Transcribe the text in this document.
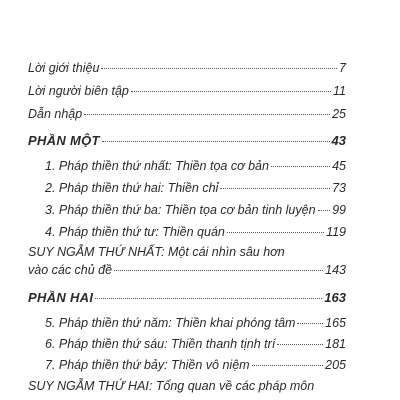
Lời giới thiệu	7
Lời người biên tập	11
Dẫn nhập	25
PHẦN MỘT	43
1. Pháp thiền thứ nhất: Thiền tọa cơ bản	45
2. Pháp thiền thứ hai: Thiền chỉ	73
3. Pháp thiền thứ ba: Thiền tọa cơ bản tinh luyện 99
4. Pháp thiền thứ tư: Thiền quán	119
SUY NGẪM THỨ NHẤT: Một cái nhìn sâu hơn
vào các chủ đề	143
PHẦN HAI	163
5. Pháp thiền thứ năm: Thiền khai phóng tâm 165
6. Pháp thiền thứ sáu: Thiền thanh tịnh trí	181
7. Pháp thiền thứ bảy: Thiền vô niệm	205
SUY NGẪM THỨ HAI: Tổng quan về các pháp môn
